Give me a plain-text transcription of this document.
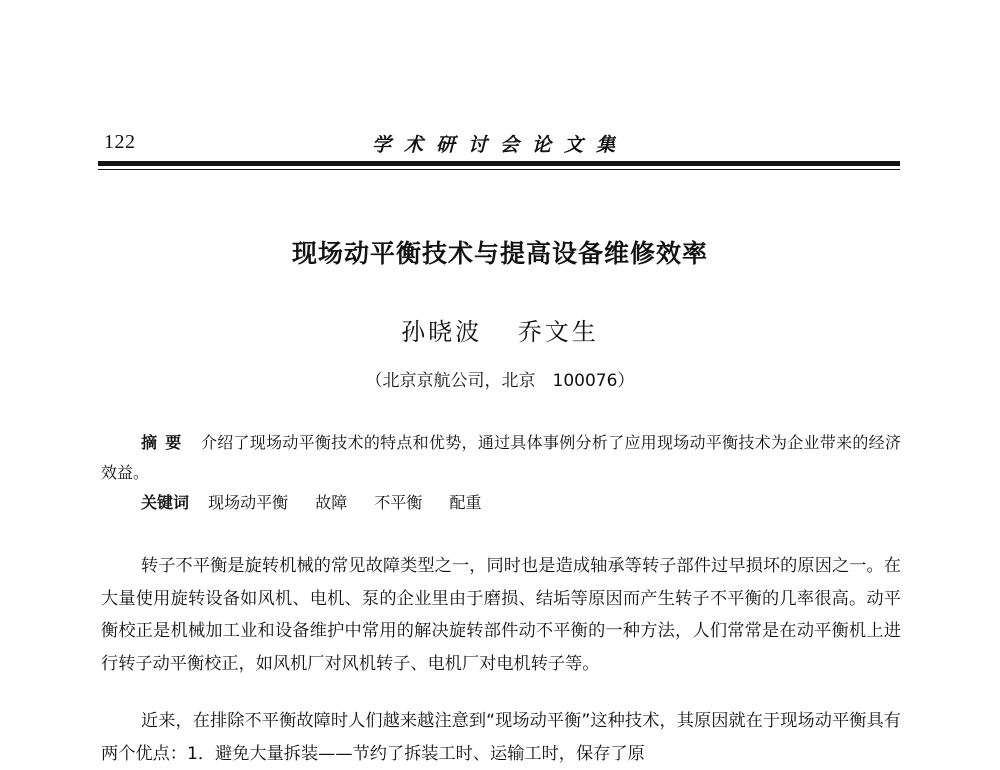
122	学术研讨会论文集
现场动平衡技术与提高设备维修效率
孙晓波 乔文生
（北京京航公司，北京　100076）

摘要 介绍了现场动平衡技术的特点和优势，通过具体事例分析了应用现场动平衡技术为企业带来的经济效益。

关键词 现场动平衡 故障 不平衡 配重

转子不平衡是旋转机械的常见故障类型之一，同时也是造成轴承等转子部件过早损坏的原因之一。在大量使用旋转设备如风机、电机、泵的企业里由于磨损、结垢等原因而产生转子不平衡的几率很高。动平衡校正是机械加工业和设备维护中常用的解决旋转部件动不平衡的一种方法，人们常常是在动平衡机上进行转子动平衡校正，如风机厂对风机转子、电机厂对电机转子等。

近来，在排除不平衡故障时人们越来越注意到“现场动平衡”这种技术，其原因就在于现场动平衡具有两个优点：1．避免大量拆装——节约了拆装工时、运输工时，保存了原
